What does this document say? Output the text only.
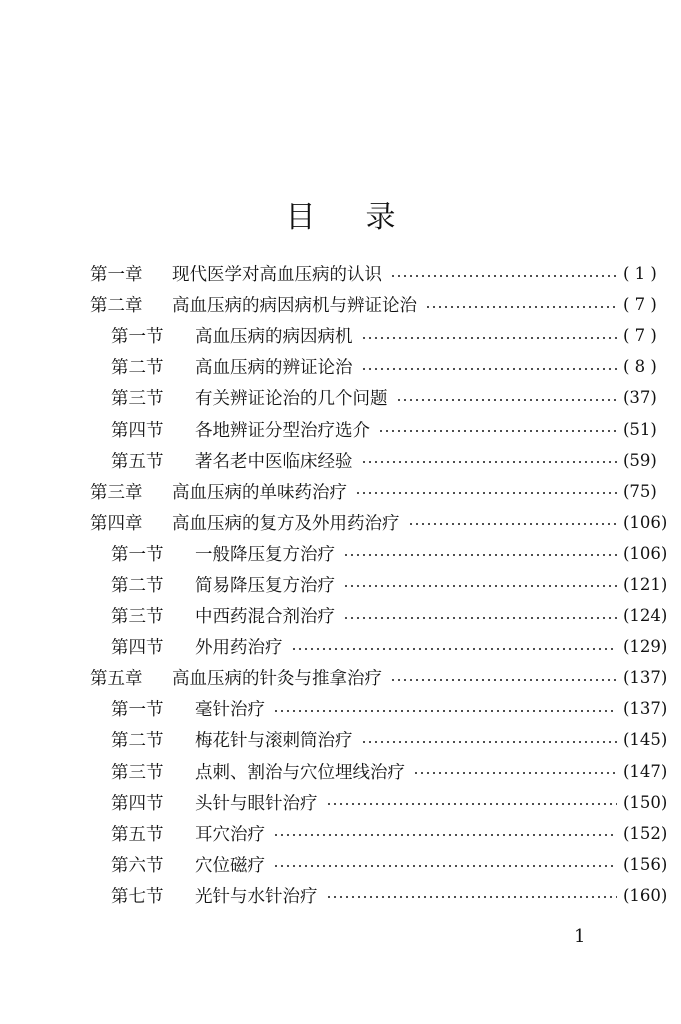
目 录
第一章	现代医学对高血压病的认识	( 1 )
第二章	高血压病的病因病机与辨证论治	( 7 )
第一节	高血压病的病因病机	( 7 )
第二节	高血压病的辨证论治	( 8 )
第三节	有关辨证论治的几个问题	(37)
第四节	各地辨证分型治疗选介	(51)
第五节	著名老中医临床经验	(59)
第三章	高血压病的单味药治疗	(75)
第四章	高血压病的复方及外用药治疗	(106)
第一节	一般降压复方治疗	(106)
第二节	简易降压复方治疗	(121)
第三节	中西药混合剂治疗	(124)
第四节	外用药治疗	(129)
第五章	高血压病的针灸与推拿治疗	(137)
第一节	毫针治疗	(137)
第二节	梅花针与滚刺筒治疗	(145)
第三节	点刺、割治与穴位埋线治疗	(147)
第四节	头针与眼针治疗	(150)
第五节	耳穴治疗	(152)
第六节	穴位磁疗	(156)
第七节	光针与水针治疗	(160)
1
